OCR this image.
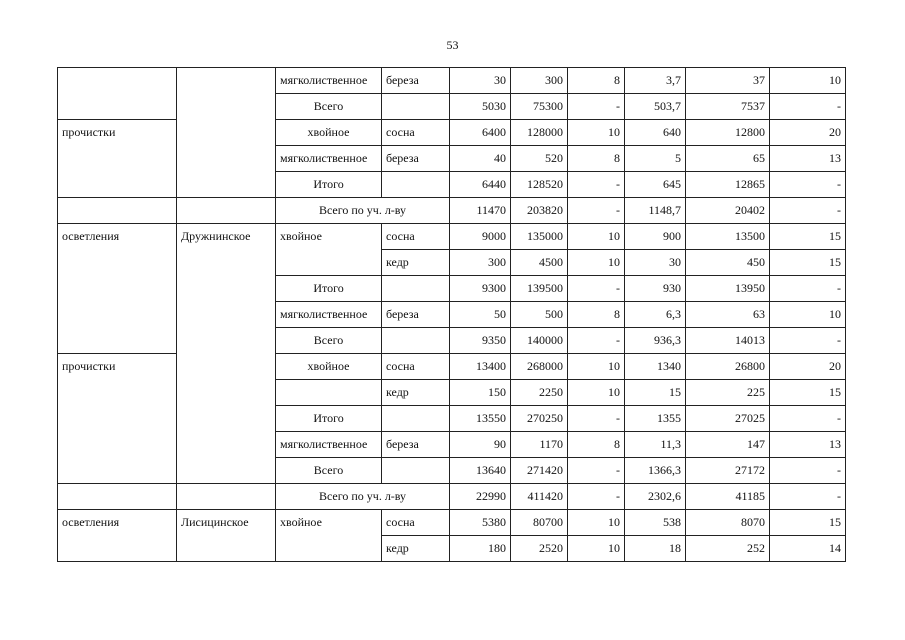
53
		мягколиственное	береза	30	300	8	3,7	37	10
		Всего		5030	75300	-	503,7	7537	-
прочистки		хвойное	сосна	6400	128000	10	640	12800	20
		мягколиственное	береза	40	520	8	5	65	13
		Итого		6440	128520	-	645	12865	-
		Всего по уч. л-ву		11470	203820	-	1148,7	20402	-
осветления	Дружнинское	хвойное	сосна	9000	135000	10	900	13500	15
			кедр	300	4500	10	30	450	15
		Итого		9300	139500	-	930	13950	-
		мягколиственное	береза	50	500	8	6,3	63	10
		Всего		9350	140000	-	936,3	14013	-
прочистки		хвойное	сосна	13400	268000	10	1340	26800	20
			кедр	150	2250	10	15	225	15
		Итого		13550	270250	-	1355	27025	-
		мягколиственное	береза	90	1170	8	11,3	147	13
		Всего		13640	271420	-	1366,3	27172	-
		Всего по уч. л-ву		22990	411420	-	2302,6	41185	-
осветления	Лисицинское	хвойное	сосна	5380	80700	10	538	8070	15
			кедр	180	2520	10	18	252	14
